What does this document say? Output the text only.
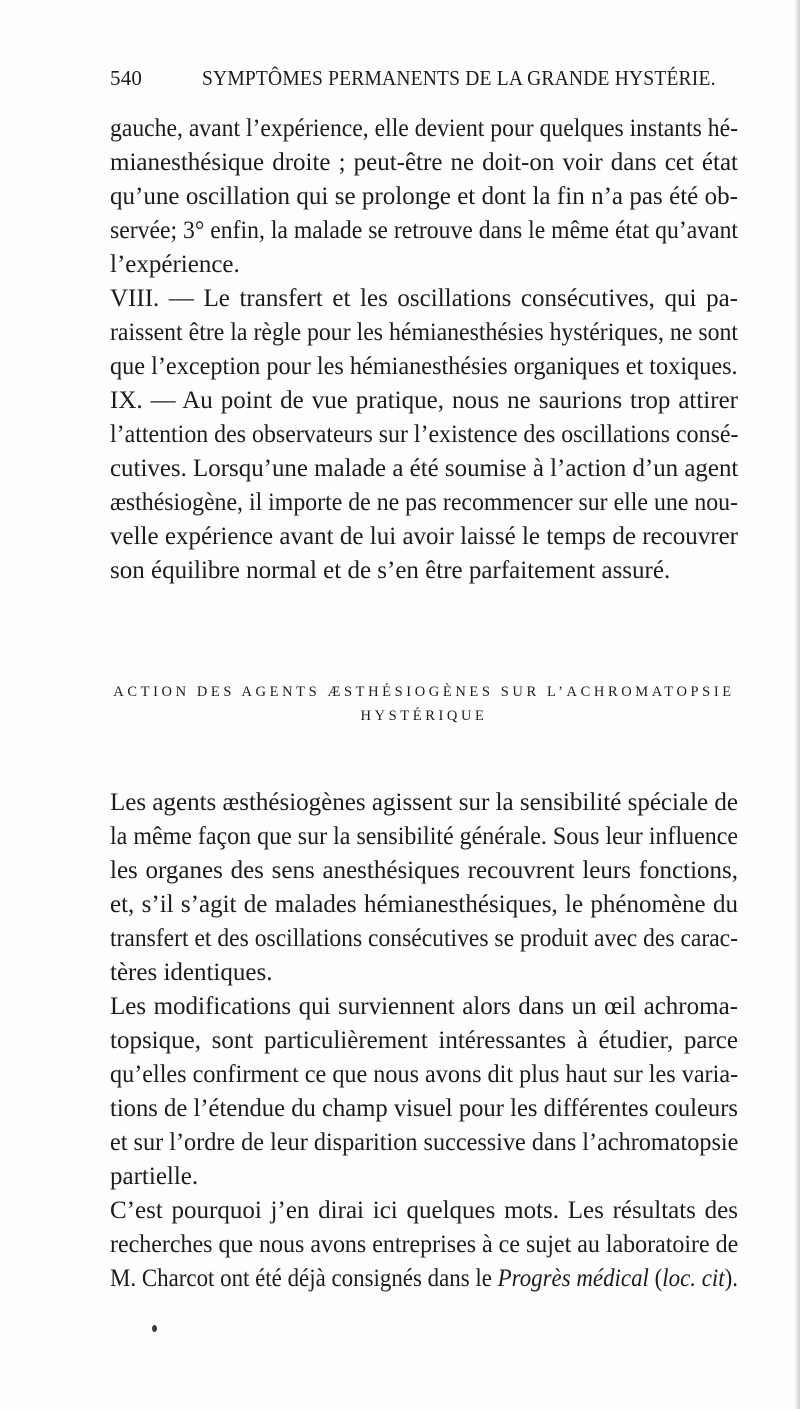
540	SYMPTÔMES PERMANENTS DE LA GRANDE HYSTÉRIE.

gauche, avant l’expérience, elle devient pour quelques instants hé-
mianesthésique droite ; peut-être ne doit-on voir dans cet état
qu’une oscillation qui se prolonge et dont la fin n’a pas été ob-
servée; 3° enfin, la malade se retrouve dans le même état qu’avant
l’expérience.

VIII. — Le transfert et les oscillations consécutives, qui pa-
raissent être la règle pour les hémianesthésies hystériques, ne sont
que l’exception pour les hémianesthésies organiques et toxiques.

IX. — Au point de vue pratique, nous ne saurions trop attirer
l’attention des observateurs sur l’existence des oscillations consé-
cutives. Lorsqu’une malade a été soumise à l’action d’un agent
æsthésiogène, il importe de ne pas recommencer sur elle une nou-
velle expérience avant de lui avoir laissé le temps de recouvrer
son équilibre normal et de s’en être parfaitement assuré.

ACTION DES AGENTS ÆSTHÉSIOGÈNES SUR L’ACHROMATOPSIE
HYSTÉRIQUE

Les agents æsthésiogènes agissent sur la sensibilité spéciale de
la même façon que sur la sensibilité générale. Sous leur influence
les organes des sens anesthésiques recouvrent leurs fonctions,
et, s’il s’agit de malades hémianesthésiques, le phénomène du
transfert et des oscillations consécutives se produit avec des carac-
tères identiques.

Les modifications qui surviennent alors dans un œil achroma-
topsique, sont particulièrement intéressantes à étudier, parce
qu’elles confirment ce que nous avons dit plus haut sur les varia-
tions de l’étendue du champ visuel pour les différentes couleurs
et sur l’ordre de leur disparition successive dans l’achromatopsie
partielle.

C’est pourquoi j’en dirai ici quelques mots. Les résultats des
recherches que nous avons entreprises à ce sujet au laboratoire de
M. Charcot ont été déjà consignés dans le Progrès médical (loc. cit).
